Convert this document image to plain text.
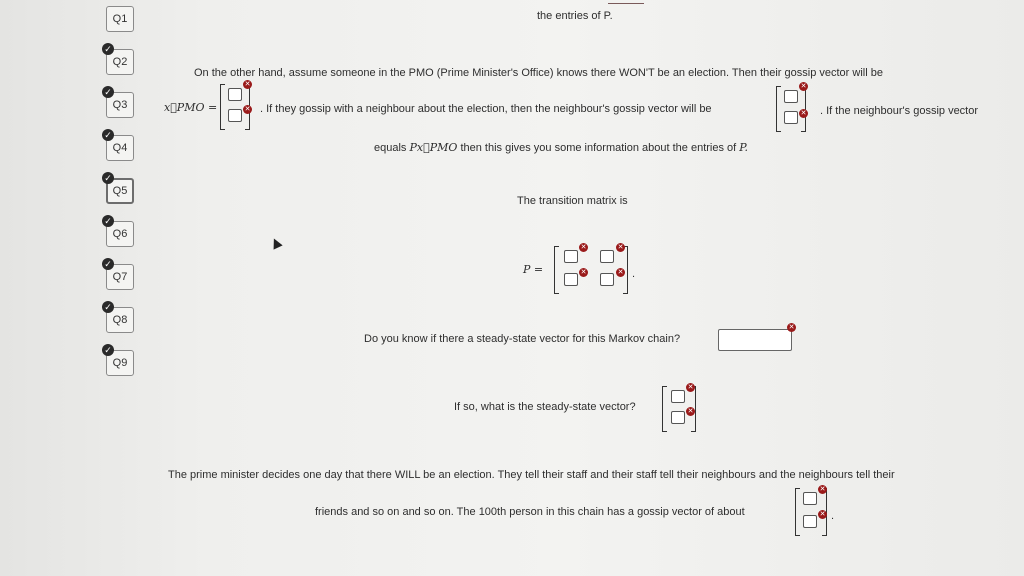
Q1
Q2
✓
Q3
✓
Q4
✓
Q5
✓
Q6
✓
Q7
✓
Q8
✓
Q9
✓
the entries of P.
On the other hand, assume someone in the PMO (Prime Minister's Office) knows there WON'T be an election. Then their gossip vector will be
x⃗PMO =
✕
✕ . If they gossip with a neighbour about the election, then the neighbour's gossip vector will be
✕
✕ . If the neighbour's gossip vector
equals Px⃗PMO then this gives you some information about the entries of P.
The transition matrix is
P =
✕	✕
✕	✕ .
Do you know if there a steady-state vector for this Markov chain?
✕
If so, what is the steady-state vector?
✕
✕
The prime minister decides one day that there WILL be an election. They tell their staff and their staff tell their neighbours and the neighbours tell their
friends and so on and so on. The 100th person in this chain has a gossip vector of about
✕
✕ .
